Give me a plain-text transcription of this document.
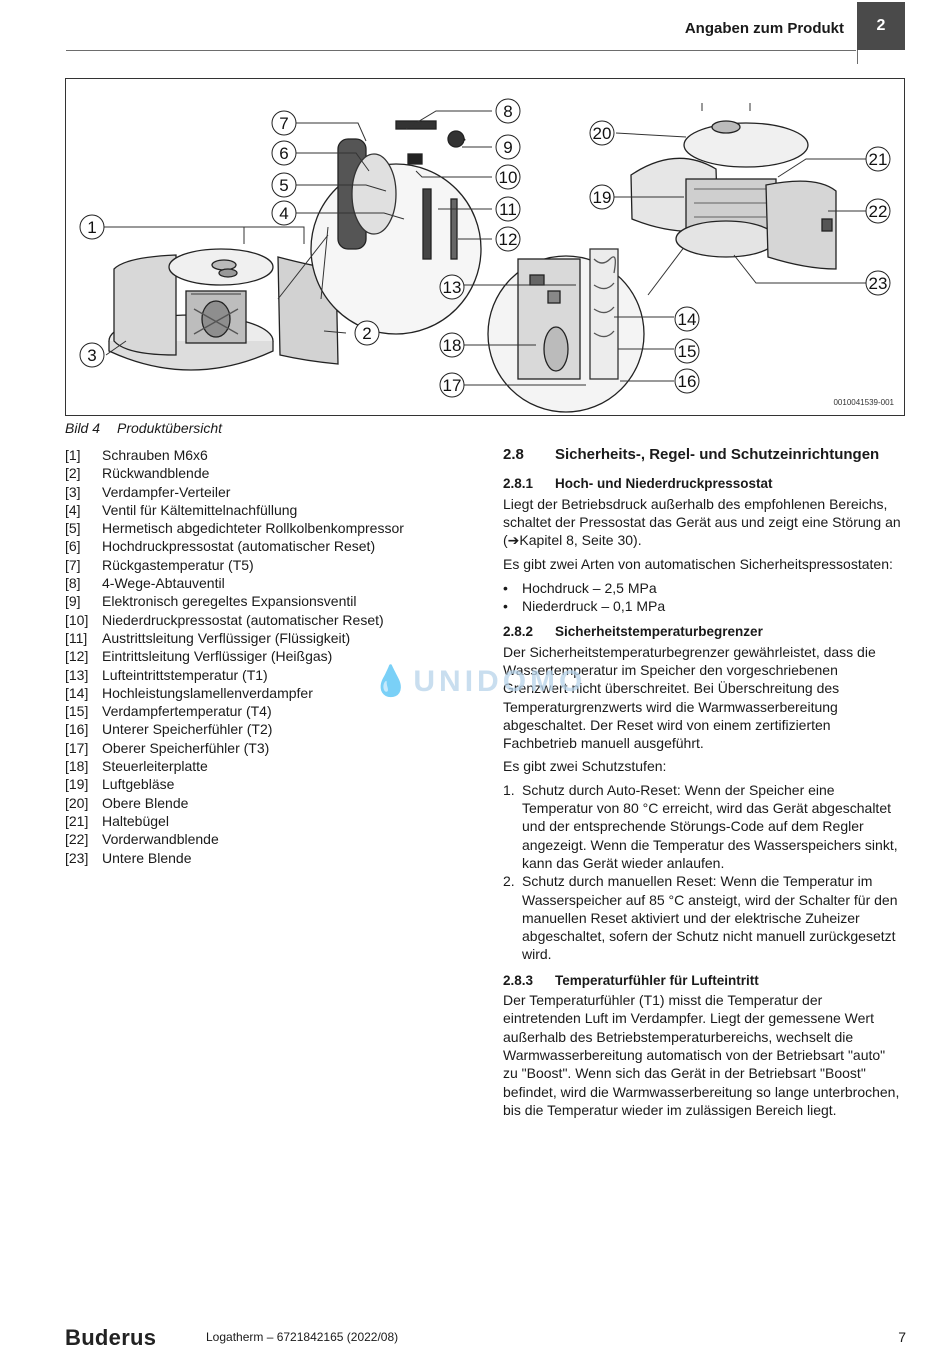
Angaben zum Produkt	2
1
2
3
4
5
6
7
8
9
10
11
12
13
14
15
16
17
18
19
20
21
22
23
0010041539-001
Bild 4 Produktübersicht
[1]	Schrauben M6x6
[2]	Rückwandblende
[3]	Verdampfer-Verteiler
[4]	Ventil für Kältemittelnachfüllung
[5]	Hermetisch abgedichteter Rollkolbenkompressor
[6]	Hochdruckpressostat (automatischer Reset)
[7]	Rückgastemperatur (T5)
[8]	4-Wege-Abtauventil
[9]	Elektronisch geregeltes Expansionsventil
[10] Niederdruckpressostat (automatischer Reset)
[11]	Austrittsleitung Verflüssiger (Flüssigkeit)
[12] Eintrittsleitung Verflüssiger (Heißgas)
[13] Lufteintrittstemperatur (T1)
[14] Hochleistungslamellenverdampfer
[15] Verdampfertemperatur (T4)
[16] Unterer Speicherfühler (T2)
[17] Oberer Speicherfühler (T3)
[18] Steuerleiterplatte
[19] Luftgebläse
[20] Obere Blende
[21] Haltebügel
[22] Vorderwandblende
[23] Untere Blende
2.8	Sicherheits-, Regel- und Schutzeinrichtungen
2.8.1	Hoch- und Niederdruckpressostat

Liegt der Betriebsdruck außerhalb des empfohlenen Bereichs, schaltet der Pressostat das Gerät aus und zeigt eine Störung an (➔Kapitel 8, Seite 30).

Es gibt zwei Arten von automatischen Sicherheitspressostaten:

•	Hochdruck – 2,5 MPa
•	Niederdruck – 0,1 MPa
2.8.2	Sicherheitstemperaturbegrenzer

Der Sicherheitstemperaturbegrenzer gewährleistet, dass die Wassertemperatur im Speicher den vorgeschriebenen Grenzwert nicht überschreitet. Bei Überschreitung des Temperaturgrenzwerts wird die Warmwasserbereitung abgeschaltet. Der Reset wird von einem zertifizierten Fachbetrieb manuell ausgeführt.

Es gibt zwei Schutzstufen:

1. Schutz durch Auto-Reset: Wenn der Speicher eine Temperatur von 80 °C erreicht, wird das Gerät abgeschaltet und der entsprechende Störungs-Code auf dem Regler angezeigt. Wenn die Temperatur des Wasserspeichers sinkt, kann das Gerät wieder anlaufen.
2. Schutz durch manuellen Reset: Wenn die Temperatur im Wasserspeicher auf 85 °C ansteigt, wird der Schalter für den manuellen Reset aktiviert und der elektrische Zuheizer abgeschaltet, sofern der Schutz nicht manuell zurückgesetzt wird.
2.8.3	Temperaturfühler für Lufteintritt

Der Temperaturfühler (T1) misst die Temperatur der eintretenden Luft im Verdampfer. Liegt der gemessene Wert außerhalb des Betriebstemperaturbereichs, wechselt die Warmwasserbereitung automatisch von der Betriebsart "auto" zu "Boost". Wenn sich das Gerät in der Betriebsart "Boost" befindet, wird die Warmwasserbereitung so lange unterbrochen, bis die Temperatur wieder im zulässigen Bereich liegt.

💧UNIDOMO
Buderus	Logatherm – 6721842165 (2022/08)	7
